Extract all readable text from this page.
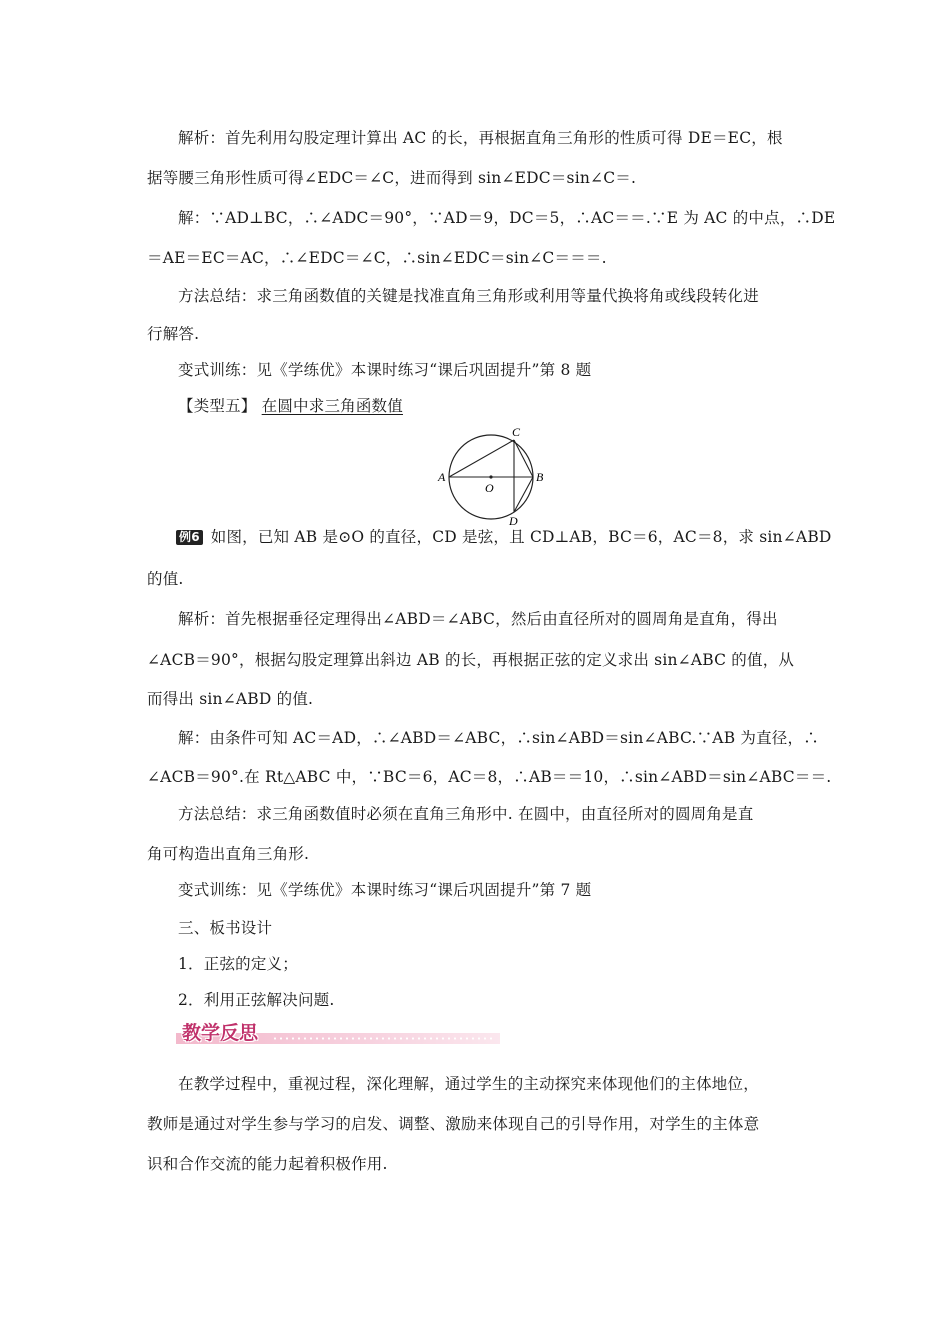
解析：首先利用勾股定理计算出 AC 的长，再根据直角三角形的性质可得 DE＝EC，根
据等腰三角形性质可得∠EDC＝∠C，进而得到 sin∠EDC＝sin∠C＝.
解：∵AD⊥BC，∴∠ADC＝90°，∵AD＝9，DC＝5，∴AC＝＝.∵E 为 AC 的中点，∴DE
＝AE＝EC＝AC，∴∠EDC＝∠C，∴sin∠EDC＝sin∠C＝＝＝.
方法总结：求三角函数值的关键是找准直角三角形或利用等量代换将角或线段转化进
行解答.
变式训练：见《学练优》本课时练习“课后巩固提升”第 8 题
【类型五】 在圆中求三角函数值
C
A	B
O
D
例6 如图，已知 AB 是⊙O 的直径，CD 是弦，且 CD⊥AB，BC＝6，AC＝8，求 sin∠ABD
的值.
解析：首先根据垂径定理得出∠ABD＝∠ABC，然后由直径所对的圆周角是直角，得出
∠ACB＝90°，根据勾股定理算出斜边 AB 的长，再根据正弦的定义求出 sin∠ABC 的值，从
而得出 sin∠ABD 的值.
解：由条件可知 AC＝AD，∴∠ABD＝∠ABC，∴sin∠ABD＝sin∠ABC.∵AB 为直径，∴
∠ACB＝90°.在 Rt△ABC 中，∵BC＝6，AC＝8，∴AB＝＝10，∴sin∠ABD＝sin∠ABC＝＝.
方法总结：求三角函数值时必须在直角三角形中. 在圆中，由直径所对的圆周角是直
角可构造出直角三角形.
变式训练：见《学练优》本课时练习“课后巩固提升”第 7 题
三、板书设计
1．正弦的定义；
2．利用正弦解决问题.
教学反思
在教学过程中，重视过程，深化理解，通过学生的主动探究来体现他们的主体地位，
教师是通过对学生参与学习的启发、调整、激励来体现自己的引导作用，对学生的主体意
识和合作交流的能力起着积极作用.
